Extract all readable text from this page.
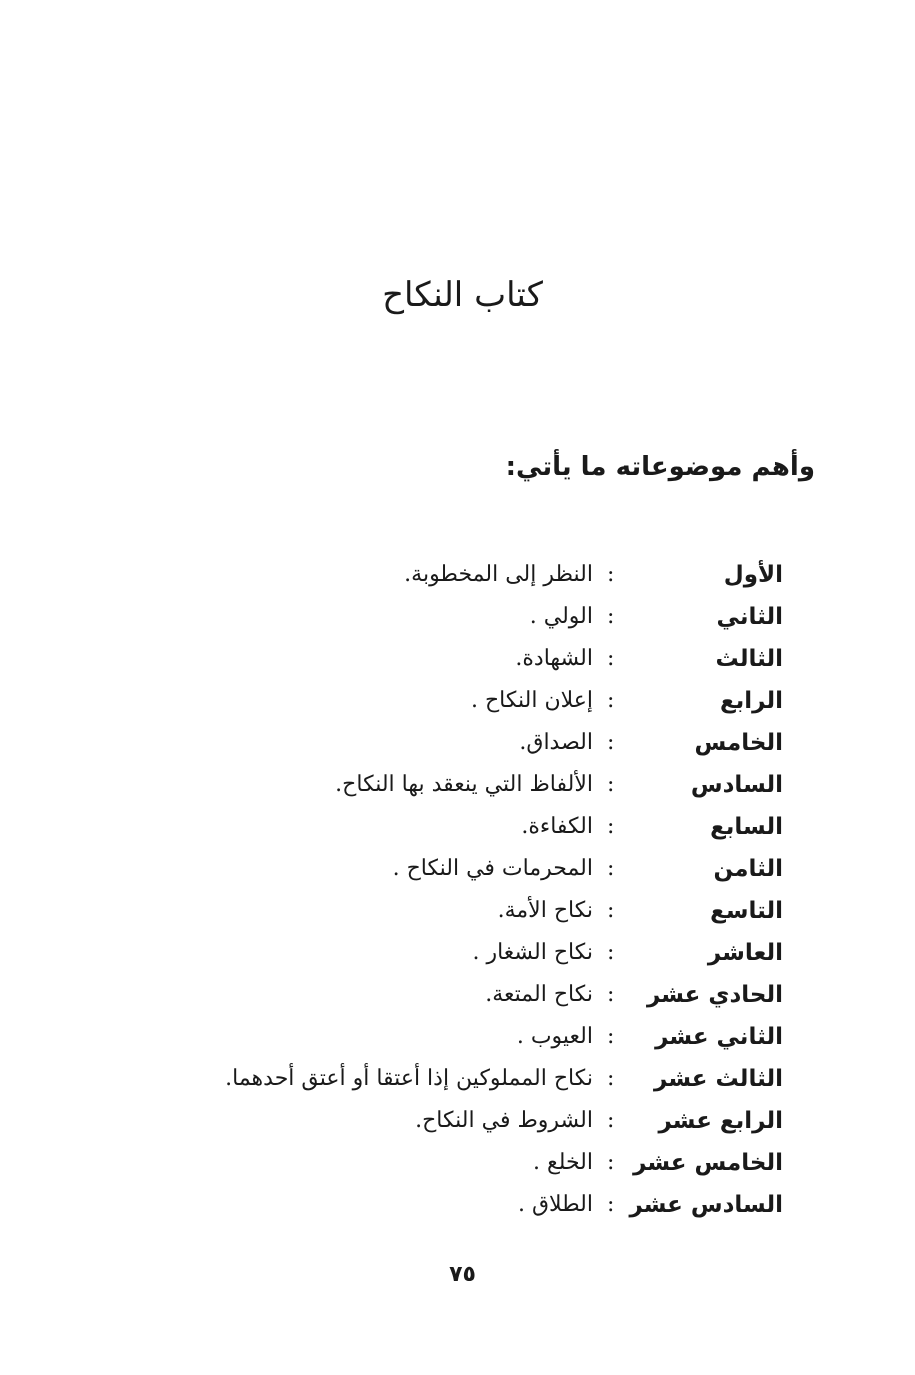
كتاب النكاح

وأهم موضوعاته ما يأتي:

الأول
:
النظر إلى المخطوبة.
الثاني
:
الولي .
الثالث
:
الشهادة.
الرابع
:
إعلان النكاح .
الخامس
:
الصداق.
السادس
:
الألفاظ التي ينعقد بها النكاح.
السابع
:
الكفاءة.
الثامن
:
المحرمات في النكاح .
التاسع
:
نكاح الأمة.
العاشر
:
نكاح الشغار .
الحادي عشر
:
نكاح المتعة.
الثاني عشر
:
العيوب .
الثالث عشر
:
نكاح المملوكين إذا أعتقا أو أعتق أحدهما.
الرابع عشر
:
الشروط في النكاح.
الخامس عشر
:
الخلع .
السادس عشر
:
الطلاق .

٧٥
